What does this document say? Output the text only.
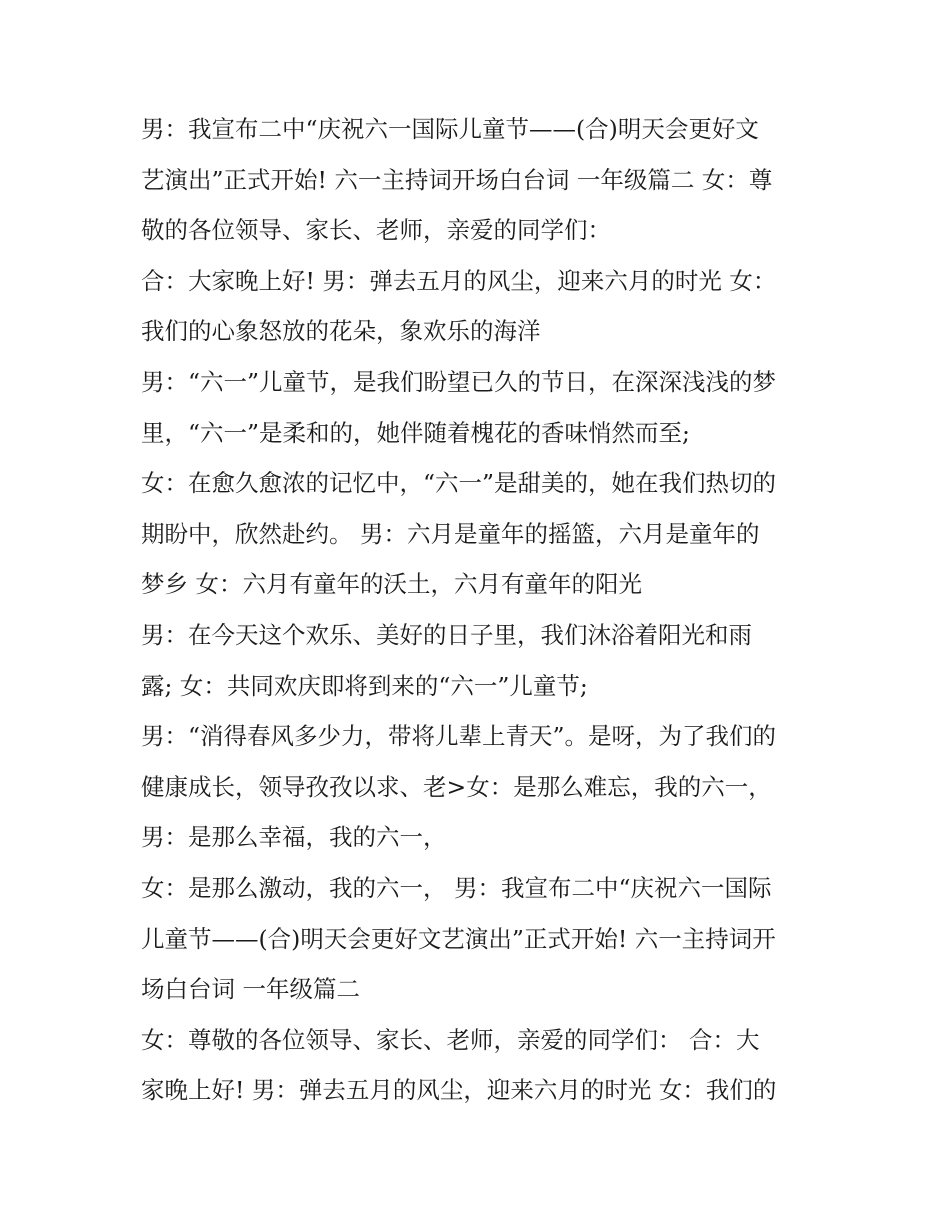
男：我宣布二中“庆祝六一国际儿童节——(合)明天会更好文
艺演出”正式开始! 六一主持词开场白台词 一年级篇二 女：尊
敬的各位领导、家长、老师，亲爱的同学们：
合：大家晚上好! 男：弹去五月的风尘，迎来六月的时光 女：
我们的心象怒放的花朵，象欢乐的海洋
男：“六一”儿童节，是我们盼望已久的节日，在深深浅浅的梦
里，“六一”是柔和的，她伴随着槐花的香味悄然而至;
女：在愈久愈浓的记忆中，“六一”是甜美的，她在我们热切的
期盼中，欣然赴约。 男：六月是童年的摇篮，六月是童年的
梦乡 女：六月有童年的沃土，六月有童年的阳光
男：在今天这个欢乐、美好的日子里，我们沐浴着阳光和雨
露; 女：共同欢庆即将到来的“六一”儿童节;
男：“消得春风多少力，带将儿辈上青天”。是呀，为了我们的
健康成长，领导孜孜以求、老>女：是那么难忘，我的六一，
男：是那么幸福，我的六一，
女：是那么激动，我的六一， 男：我宣布二中“庆祝六一国际
儿童节——(合)明天会更好文艺演出”正式开始! 六一主持词开
场白台词 一年级篇二
女：尊敬的各位领导、家长、老师，亲爱的同学们： 合：大
家晚上好! 男：弹去五月的风尘，迎来六月的时光 女：我们的
